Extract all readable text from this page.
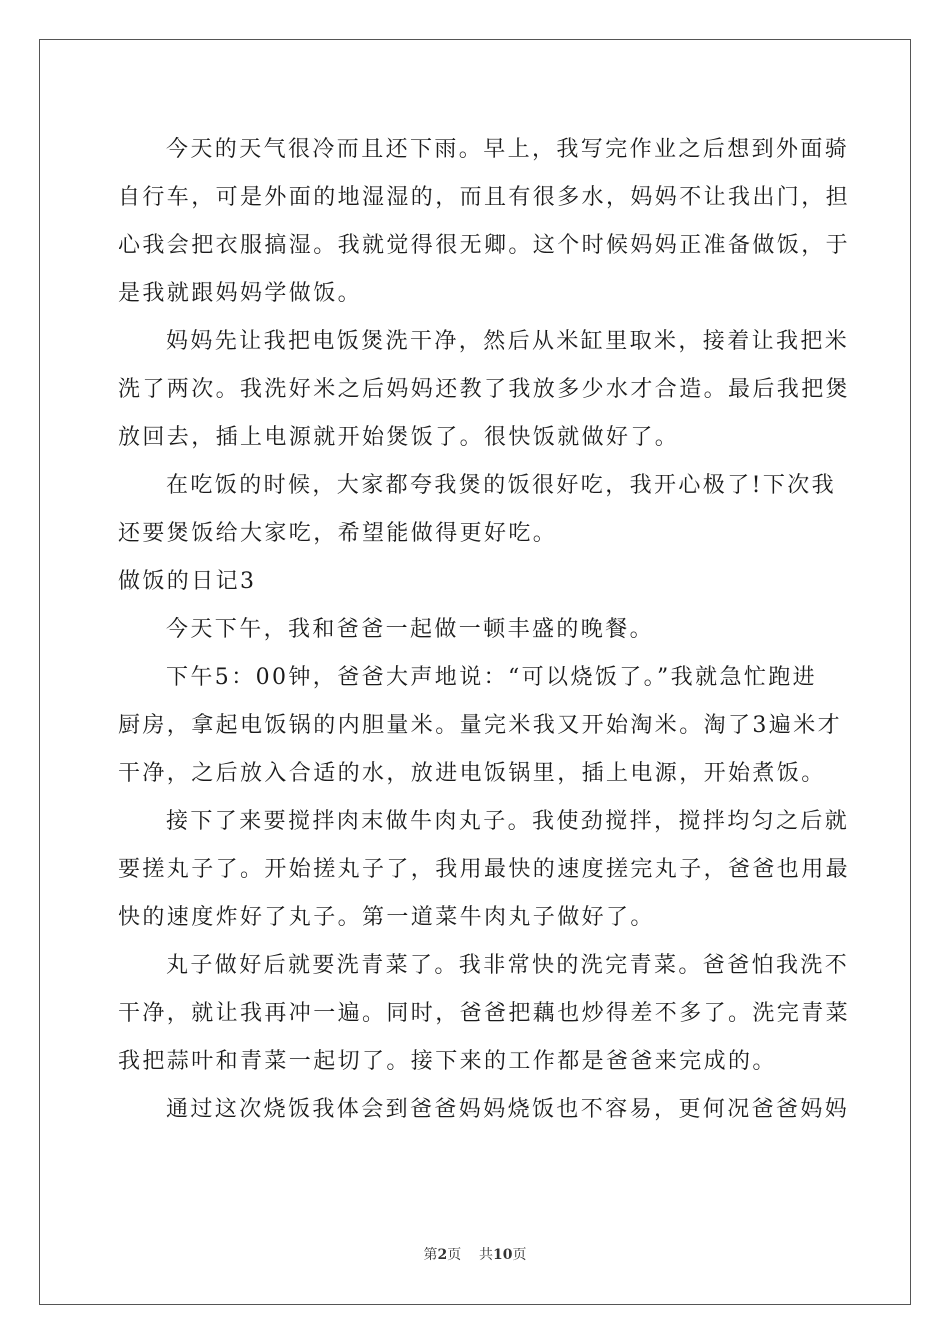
今天的天气很冷而且还下雨。早上，我写完作业之后想到外面骑
自行车，可是外面的地湿湿的，而且有很多水，妈妈不让我出门，担
心我会把衣服搞湿。我就觉得很无卿。这个时候妈妈正准备做饭，于
是我就跟妈妈学做饭。
妈妈先让我把电饭煲洗干净，然后从米缸里取米，接着让我把米
洗了两次。我洗好米之后妈妈还教了我放多少水才合造。最后我把煲
放回去，插上电源就开始煲饭了。很快饭就做好了。
在吃饭的时候，大家都夸我煲的饭很好吃，我开心极了!下次我
还要煲饭给大家吃，希望能做得更好吃。
做饭的日记3
今天下午，我和爸爸一起做一顿丰盛的晚餐。
下午5：00钟，爸爸大声地说：“可以烧饭了。”我就急忙跑进
厨房，拿起电饭锅的内胆量米。量完米我又开始淘米。淘了3遍米才
干净，之后放入合适的水，放进电饭锅里，插上电源，开始煮饭。
接下了来要搅拌肉末做牛肉丸子。我使劲搅拌，搅拌均匀之后就
要搓丸子了。开始搓丸子了，我用最快的速度搓完丸子，爸爸也用最
快的速度炸好了丸子。第一道菜牛肉丸子做好了。
丸子做好后就要洗青菜了。我非常快的洗完青菜。爸爸怕我洗不
干净，就让我再冲一遍。同时，爸爸把藕也炒得差不多了。洗完青菜
我把蒜叶和青菜一起切了。接下来的工作都是爸爸来完成的。
通过这次烧饭我体会到爸爸妈妈烧饭也不容易，更何况爸爸妈妈
第2页 共10页
